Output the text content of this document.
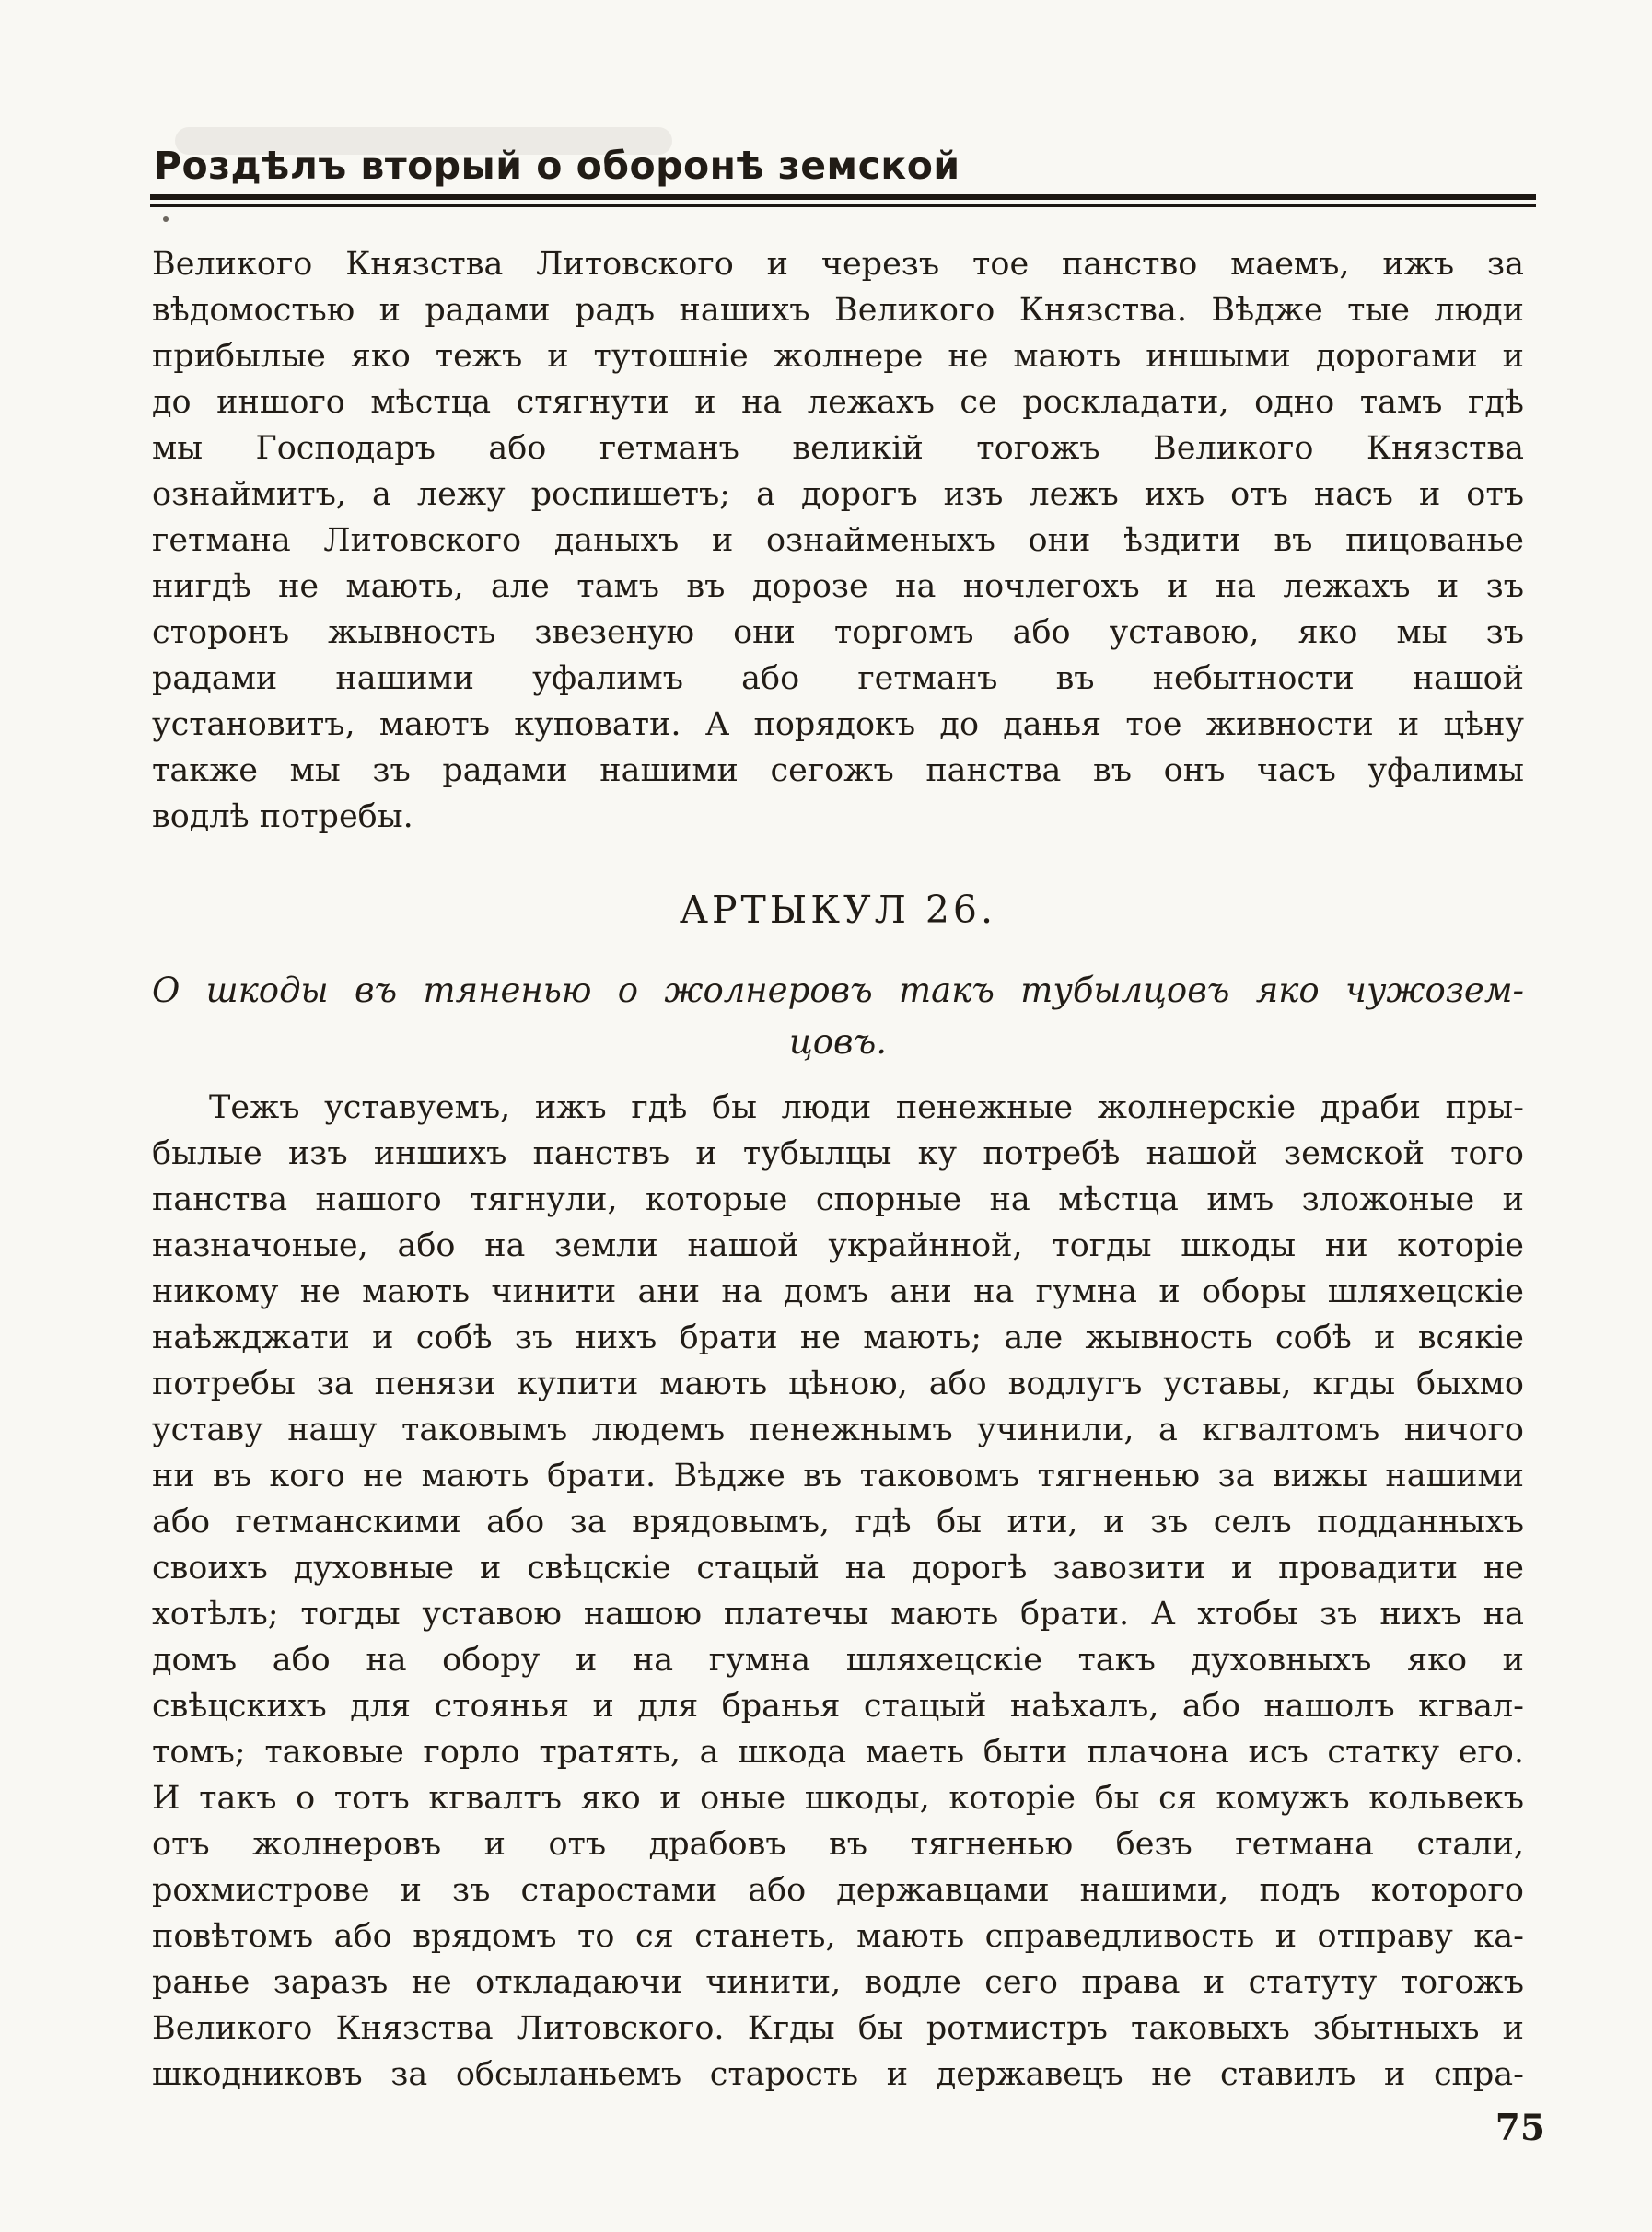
Роздѣлъ вторый о оборонѣ земской
Великого Князства Литовского и черезъ тое панство маемъ, ижъ за
вѣдомостью и радами радъ нашихъ Великого Князства. Вѣдже тые люди
прибылые яко тежъ и тутошніе жолнере не мають иншыми дорогами и
до иншого мѣстца стягнути и на лежахъ се роскладати, одно тамъ гдѣ
мы Господаръ або гетманъ великій тогожъ Великого Князства
ознаймитъ, а лежу роспишетъ; а дорогъ изъ лежъ ихъ отъ насъ и отъ
гетмана Литовского даныхъ и ознайменыхъ они ѣздити въ пицованье
нигдѣ не мають, але тамъ въ дорозе на ночлегохъ и на лежахъ и зъ
сторонъ жывность звезеную они торгомъ або уставою, яко мы зъ
радами нашими уфалимъ або гетманъ въ небытности нашой
установитъ, маютъ куповати. А порядокъ до данья тое живности и цѣну
также мы зъ радами нашими сегожъ панства въ онъ часъ уфалимы
водлѣ потребы.
АРТЫКУЛ 26.
О шкоды въ тяненью о жолнеровъ такъ тубылцовъ яко чужозем-
цовъ.
Тежъ уставуемъ, ижъ гдѣ бы люди пенежные жолнерскіе драби пры-
былые изъ иншихъ панствъ и тубылцы ку потребѣ нашой земской того
панства нашого тягнули, которые спорные на мѣстца имъ зложоные и
назначоные, або на земли нашой украйнной, тогды шкоды ни которіе
никому не мають чинити ани на домъ ани на гумна и оборы шляхецскіе
наѣжджати и собѣ зъ нихъ брати не мають; але жывность собѣ и всякіе
потребы за пенязи купити мають цѣною, або водлугъ уставы, кгды быхмо
уставу нашу таковымъ людемъ пенежнымъ учинили, а кгвалтомъ ничого
ни въ кого не мають брати. Вѣдже въ таковомъ тягненью за вижы нашими
або гетманскими або за врядовымъ, гдѣ бы ити, и зъ селъ подданныхъ
своихъ духовные и свѣцскіе стацый на дорогѣ завозити и провадити не
хотѣлъ; тогды уставою нашою платечы мають брати. А хтобы зъ нихъ на
домъ або на обору и на гумна шляхецскіе такъ духовныхъ яко и
свѣцскихъ для стоянья и для бранья стацый наѣхалъ, або нашолъ кгвал-
томъ; таковые горло тратять, а шкода маеть быти плачона исъ статку его.
И такъ о тотъ кгвалтъ яко и оные шкоды, которіе бы ся комужъ кольвекъ
отъ жолнеровъ и отъ драбовъ въ тягненью безъ гетмана стали,
рохмистрове и зъ старостами або державцами нашими, подъ которого
повѣтомъ або врядомъ то ся станеть, мають справедливость и отправу ка-
ранье заразъ не откладаючи чинити, водле сего права и статуту тогожъ
Великого Князства Литовского. Кгды бы ротмистръ таковыхъ збытныхъ и
шкодниковъ за обсыланьемъ старость и державецъ не ставилъ и спра-
75
